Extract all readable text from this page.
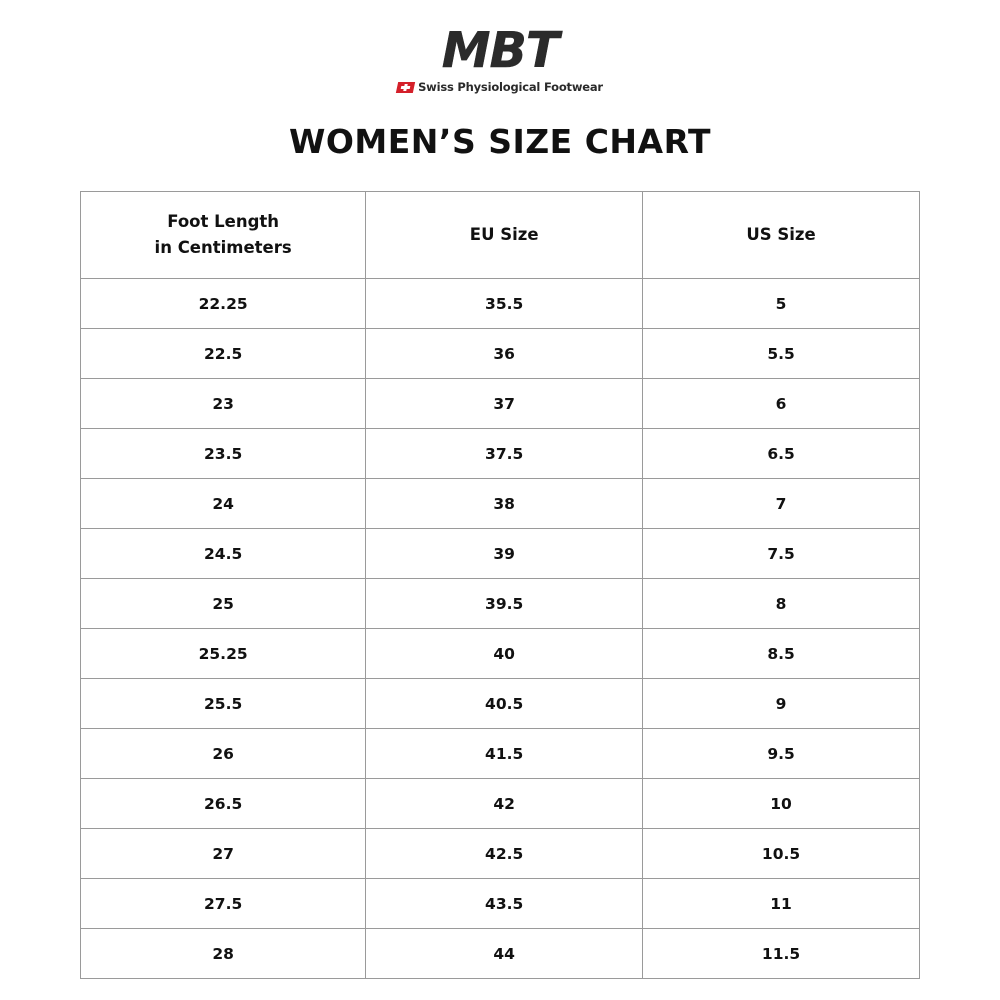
MBT
Swiss Physiological Footwear
WOMEN’S SIZE CHART
Foot Length
in Centimeters	EU Size	US Size
22.25	35.5	5
22.5	36	5.5
23	37	6
23.5	37.5	6.5
24	38	7
24.5	39	7.5
25	39.5	8
25.25	40	8.5
25.5	40.5	9
26	41.5	9.5
26.5	42	10
27	42.5	10.5
27.5	43.5	11
28	44	11.5
